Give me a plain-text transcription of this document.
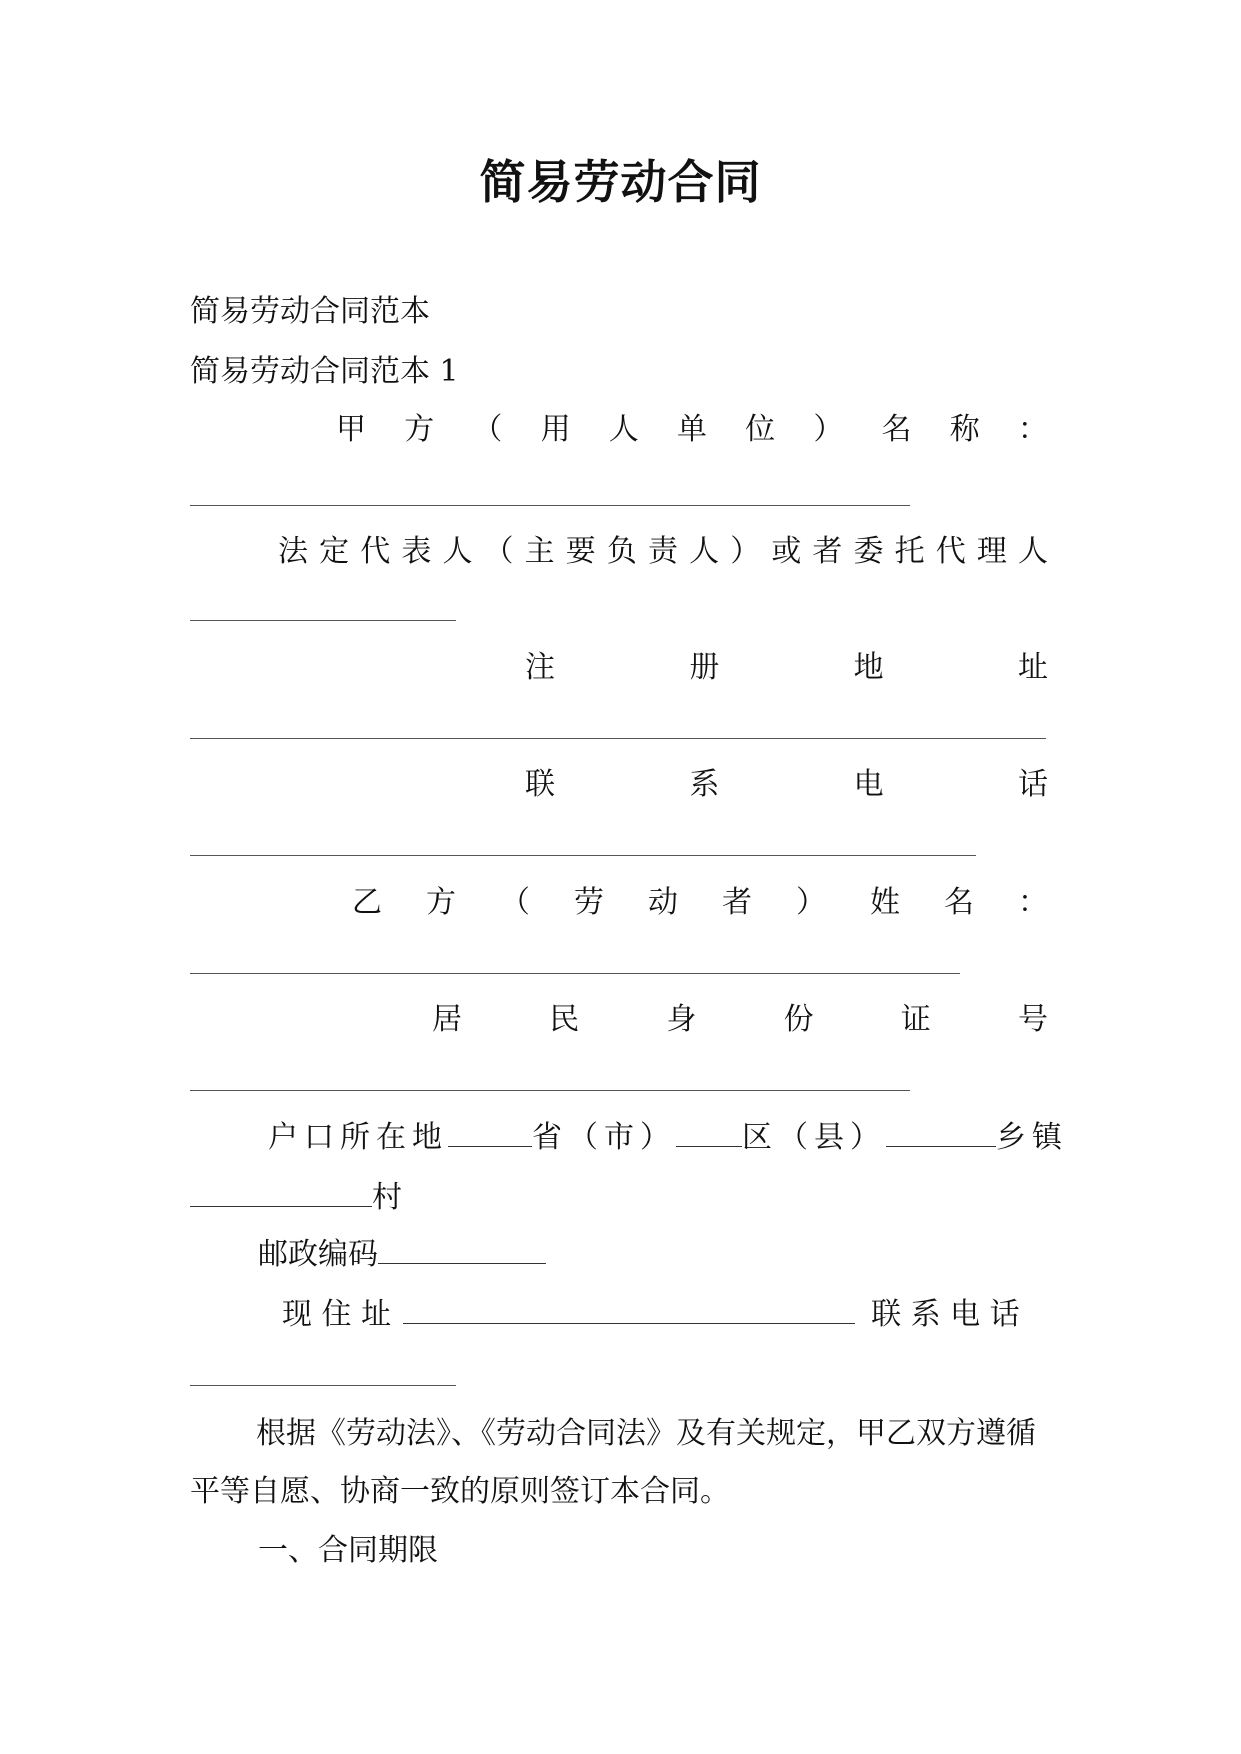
简易劳动合同
简易劳动合同范本
简易劳动合同范本 1
甲 方 （ 用 人 单 位 ） 名 称 ：
法 定 代 表 人 （ 主 要 负 责 人 ） 或 者 委 托 代 理 人
注	册	地	址
联	系	电	话
乙 方 （ 劳 动 者 ） 姓 名 ：
居	民	身	份	证	号
户口所在地	省（市） 区（县）	乡镇
村
邮政编码
现 住 址	联 系 电 话
根据《劳动法》、《劳动合同法》及有关规定，甲乙双方遵循平等自愿、协商一致的原则签订本合同。
一、合同期限
